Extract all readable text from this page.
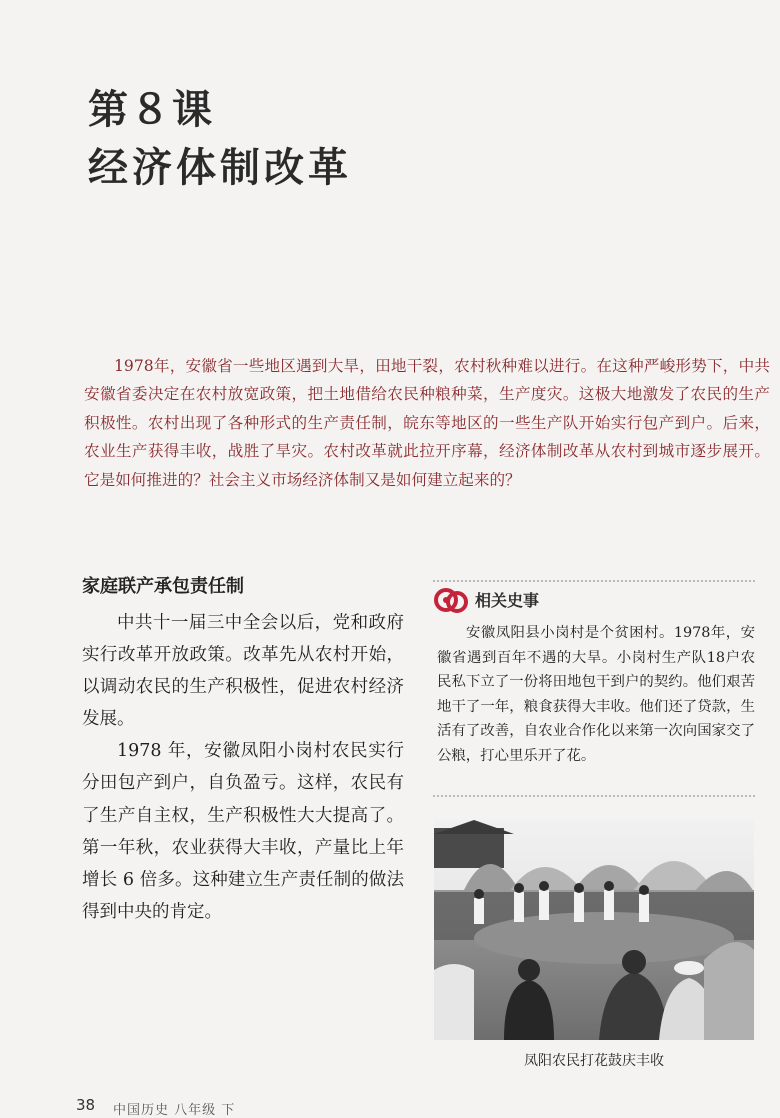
第８课
经济体制改革

1978年，安徽省一些地区遇到大旱，田地干裂，农村秋种难以进行。在这种严峻形势下，中共安徽省委决定在农村放宽政策，把土地借给农民种粮种菜，生产度灾。这极大地激发了农民的生产积极性。农村出现了各种形式的生产责任制，皖东等地区的一些生产队开始实行包产到户。后来，农业生产获得丰收，战胜了旱灾。农村改革就此拉开序幕，经济体制改革从农村到城市逐步展开。它是如何推进的？社会主义市场经济体制又是如何建立起来的？

家庭联产承包责任制

中共十一届三中全会以后，党和政府实行改革开放政策。改革先从农村开始，以调动农民的生产积极性，促进农村经济发展。

1978 年，安徽凤阳小岗村农民实行分田包产到户，自负盈亏。这样，农民有了生产自主权，生产积极性大大提高了。第一年秋，农业获得大丰收，产量比上年增长 6 倍多。这种建立生产责任制的做法得到中央的肯定。

相关史事

安徽凤阳县小岗村是个贫困村。1978年，安徽省遇到百年不遇的大旱。小岗村生产队18户农民私下立了一份将田地包干到户的契约。他们艰苦地干了一年，粮食获得大丰收。他们还了贷款，生活有了改善，自农业合作化以来第一次向国家交了公粮，打心里乐开了花。

凤阳农民打花鼓庆丰收
38 中国历史 八年级 下
